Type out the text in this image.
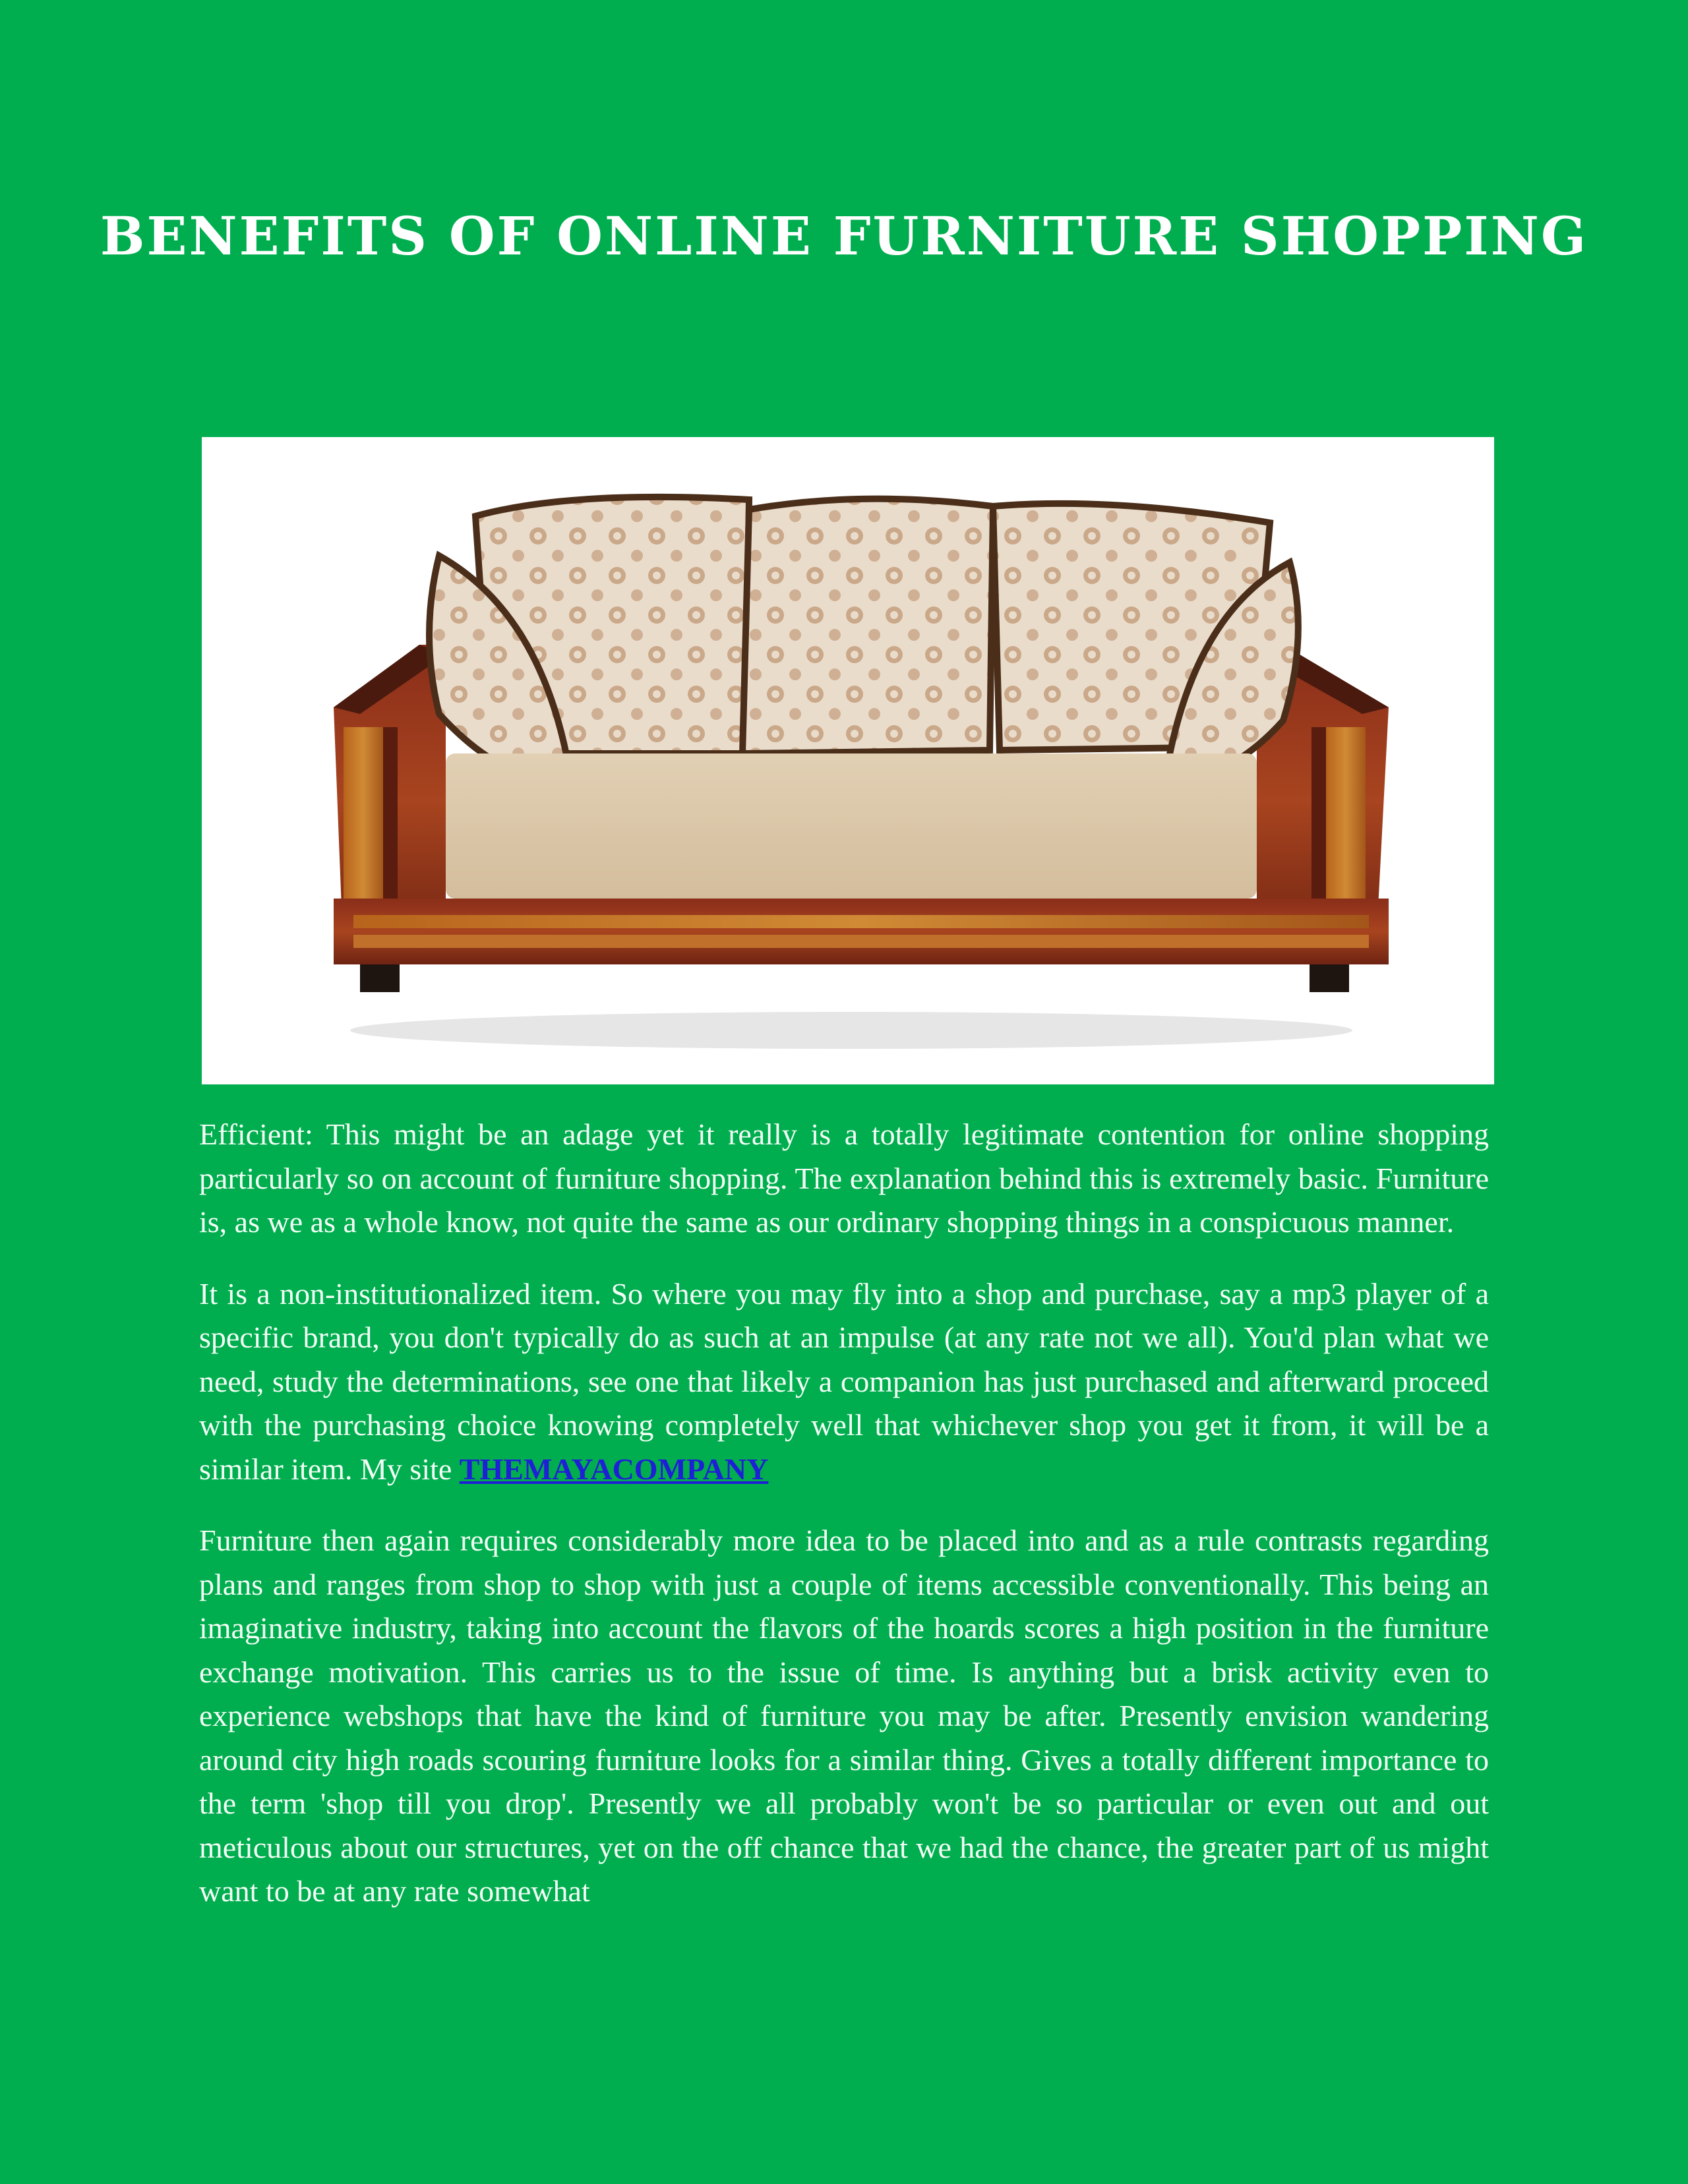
BENEFITS OF ONLINE FURNITURE SHOPPING

Efficient: This might be an adage yet it really is a totally legitimate contention for online shopping particularly so on account of furniture shopping. The explanation behind this is extremely basic. Furniture is, as we as a whole know, not quite the same as our ordinary shopping things in a conspicuous manner.

It is a non-institutionalized item. So where you may fly into a shop and purchase, say a mp3 player of a specific brand, you don't typically do as such at an impulse (at any rate not we all). You'd plan what we need, study the determinations, see one that likely a companion has just purchased and afterward proceed with the purchasing choice knowing completely well that whichever shop you get it from, it will be a similar item. My site THEMAYACOMPANY

Furniture then again requires considerably more idea to be placed into and as a rule contrasts regarding plans and ranges from shop to shop with just a couple of items accessible conventionally. This being an imaginative industry, taking into account the flavors of the hoards scores a high position in the furniture exchange motivation. This carries us to the issue of time. Is anything but a brisk activity even to experience webshops that have the kind of furniture you may be after. Presently envision wandering around city high roads scouring furniture looks for a similar thing. Gives a totally different importance to the term 'shop till you drop'. Presently we all probably won't be so particular or even out and out meticulous about our structures, yet on the off chance that we had the chance, the greater part of us might want to be at any rate somewhat
